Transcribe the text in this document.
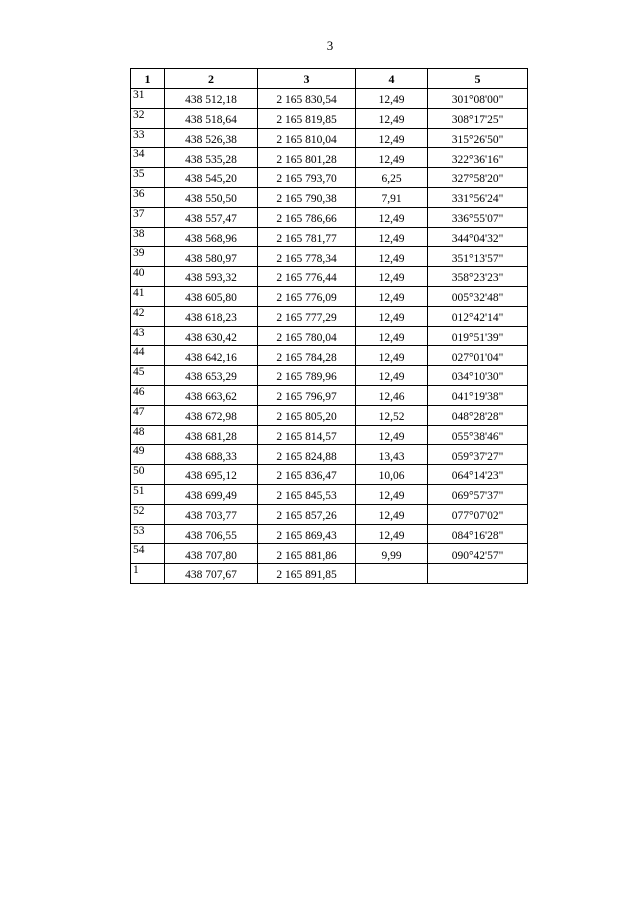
3
1	2	3	4	5
31	438 512,18	2 165 830,54	12,49	301°08'00"
32	438 518,64	2 165 819,85	12,49	308°17'25"
33	438 526,38	2 165 810,04	12,49	315°26'50"
34	438 535,28	2 165 801,28	12,49	322°36'16"
35	438 545,20	2 165 793,70	6,25	327°58'20"
36	438 550,50	2 165 790,38	7,91	331°56'24"
37	438 557,47	2 165 786,66	12,49	336°55'07"
38	438 568,96	2 165 781,77	12,49	344°04'32"
39	438 580,97	2 165 778,34	12,49	351°13'57"
40	438 593,32	2 165 776,44	12,49	358°23'23"
41	438 605,80	2 165 776,09	12,49	005°32'48"
42	438 618,23	2 165 777,29	12,49	012°42'14"
43	438 630,42	2 165 780,04	12,49	019°51'39"
44	438 642,16	2 165 784,28	12,49	027°01'04"
45	438 653,29	2 165 789,96	12,49	034°10'30"
46	438 663,62	2 165 796,97	12,46	041°19'38"
47	438 672,98	2 165 805,20	12,52	048°28'28"
48	438 681,28	2 165 814,57	12,49	055°38'46"
49	438 688,33	2 165 824,88	13,43	059°37'27"
50	438 695,12	2 165 836,47	10,06	064°14'23"
51	438 699,49	2 165 845,53	12,49	069°57'37"
52	438 703,77	2 165 857,26	12,49	077°07'02"
53	438 706,55	2 165 869,43	12,49	084°16'28"
54	438 707,80	2 165 881,86	9,99	090°42'57"
1	438 707,67	2 165 891,85		
